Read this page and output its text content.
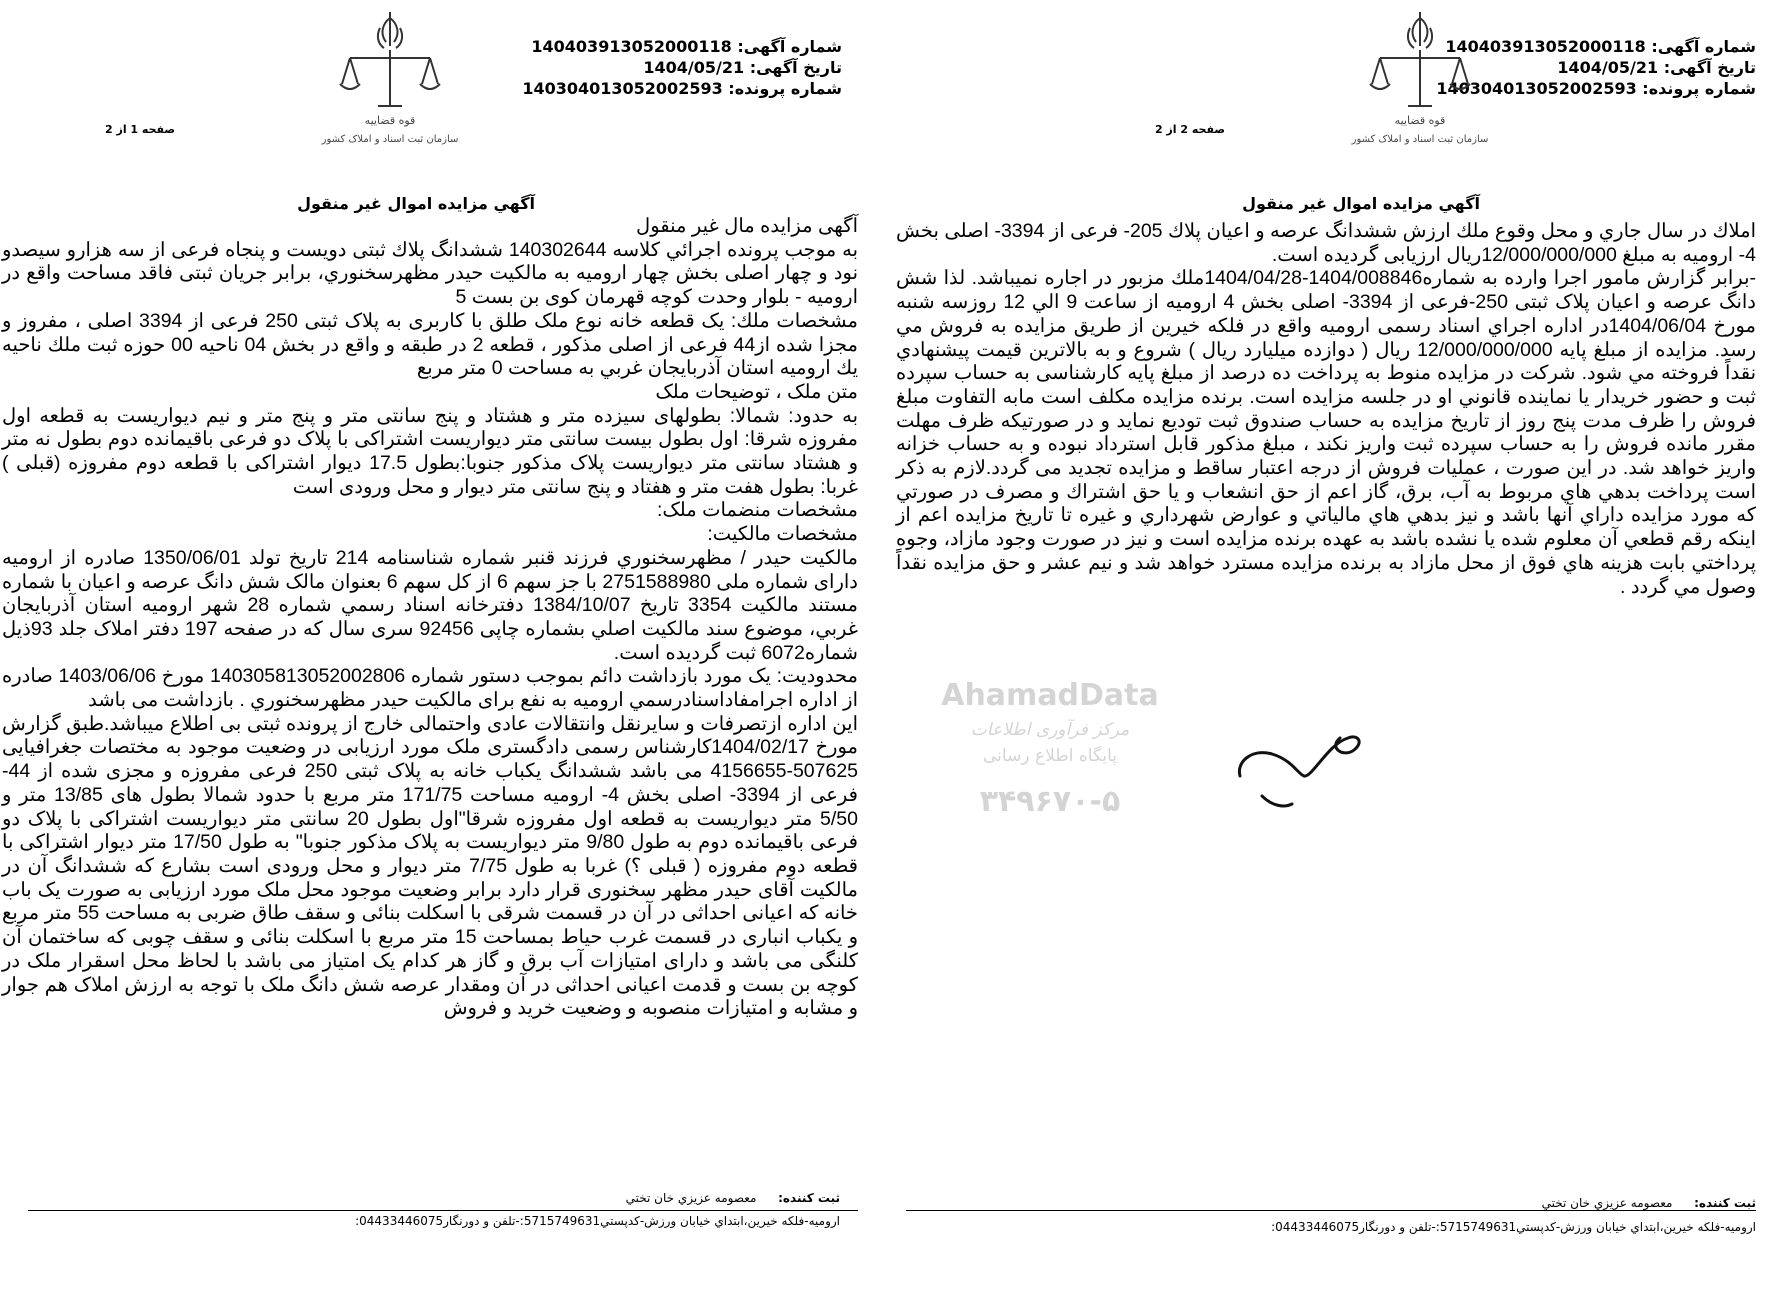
شماره آگهی: 140403913052000118
تاریخ آگهی: 1404/05/21
شماره پرونده: 140304013052002593
قوه قضاییه
سازمان ثبت اسناد و املاک کشور
صفحه 2 از 2
آگهي مزايده اموال غير منقول

املاك در سال جاري و محل وقوع ملك ارزش ششدانگ عرصه و اعيان پلاك 205- فرعی از 3394- اصلی بخش 4- اروميه به مبلغ 12/000/000/000ريال ارزيابی گرديده است.

-برابر گزارش مامور اجرا وارده به شماره1404/008846-1404/04/28ملك مزبور در اجاره نميباشد. لذا شش دانگ عرصه و اعيان پلاک ثبتی 250-فرعی از 3394- اصلی بخش 4 اروميه از ساعت 9 الي 12 روزسه شنبه مورخ 1404/06/04در اداره اجراي اسناد رسمی اروميه واقع در فلكه خيرين از طريق مزايده به فروش مي رسد. مزايده از مبلغ پايه 12/000/000/000 ريال ( دوازده ميليارد ريال ) شروع و به بالاترين قيمت پيشنهادي نقداً فروخته مي شود. شركت در مزايده منوط به پرداخت ده درصد از مبلغ پايه كارشناسی به حساب سپرده ثبت و حضور خريدار يا نماينده قانوني او در جلسه مزايده است. برنده مزايده مكلف است مابه التفاوت مبلغ فروش را ظرف مدت پنج روز از تاريخ مزايده به حساب صندوق ثبت توديع نمايد و در صورتيكه ظرف مهلت مقرر مانده فروش را به حساب سپرده ثبت واريز نكند ، مبلغ مذكور قابل استرداد نبوده و به حساب خزانه واريز خواهد شد. در اين صورت ، عمليات فروش از درجه اعتبار ساقط و مزايده تجديد مى گردد.لازم به ذكر است پرداخت بدهي هاي مربوط به آب، برق، گاز اعم از حق انشعاب و يا حق اشتراك و مصرف در صورتي كه مورد مزايده داراي آنها باشد و نيز بدهي هاي مالياتي و عوارض شهرداري و غيره تا تاريخ مزايده اعم از اينكه رقم قطعي آن معلوم شده يا نشده باشد به عهده برنده مزايده است و نيز در صورت وجود مازاد، وجوه پرداختي بابت هزينه هاي فوق از محل مازاد به برنده مزايده مسترد خواهد شد و نيم عشر و حق مزايده نقداً وصول مي گردد .

ثبت كننده:  معصومه عزيزي خان تختي
اروميه-فلكه خيرين،ابتداي خيابان ورزش-كدپستي5715749631:-تلفن و دورنگار04433446075:
شماره آگهی: 140403913052000118
تاریخ آگهی: 1404/05/21
شماره پرونده: 140304013052002593
قوه قضاییه
سازمان ثبت اسناد و املاک کشور
صفحه 1 از 2
آگهي مزايده اموال غير منقول

آگهی مزايده مال غير منقول

به موجب پرونده اجرائي كلاسه 140302644 ششدانگ پلاك ثبتی دويست و پنجاه فرعی از سه هزارو سيصدو نود و چهار اصلی بخش چهار اروميه به مالكيت حيدر مظهرسخنوري، برابر جريان ثبتی فاقد مساحت واقع در اروميه - بلوار وحدت كوچه قهرمان كوی بن بست 5

مشخصات ملك: يک قطعه خانه نوع ملک طلق با کاربری به پلاک ثبتی 250 فرعی از 3394 اصلی ، مفروز و مجزا شده از44 فرعی از اصلی مذكور ، قطعه 2 در طبقه و واقع در بخش 04 ناحيه 00 حوزه ثبت ملك ناحيه يك اروميه استان آذربايجان غربي به مساحت 0 متر مربع

متن ملک ، توضيحات ملک

به حدود: شمالا: بطولهای سيزده متر و هشتاد و پنج سانتی متر و پنج متر و نيم ديواريست به قطعه اول مفروزه شرقا: اول بطول بيست سانتی متر ديواريست اشتراکی با پلاک دو فرعی باقيمانده دوم بطول نه متر و هشتاد سانتی متر ديواريست پلاک مذکور جنوبا:بطول 17.5 ديوار اشتراکی با قطعه دوم مفروزه (قبلی ) غربا: بطول هفت متر و هفتاد و پنج سانتی متر ديوار و محل ورودی است

مشخصات منضمات ملک:

مشخصات مالكيت:

مالكيت حيدر / مظهرسخنوري فرزند قنبر شماره شناسنامه 214 تاريخ تولد 1350/06/01 صادره از اروميه دارای شماره ملی 2751588980 با جز سهم 6 از كل سهم 6 بعنوان مالک شش دانگ عرصه و اعيان با شماره مستند مالكيت 3354 تاريخ 1384/10/07 دفترخانه اسناد رسمي شماره 28 شهر اروميه استان آذربايجان غربي، موضوع سند مالكيت اصلي بشماره چاپی 92456 سری سال كه در صفحه 197 دفتر املاک جلد 93ذيل شماره6072 ثبت گرديده است.

محدوديت: يک مورد بازداشت دائم بموجب دستور شماره 140305813052002806 مورخ 1403/06/06 صادره از اداره اجرامفاداسنادرسمي اروميه به نفع برای مالكيت حيدر مظهرسخنوري . بازداشت می باشد

اين اداره ازتصرفات و سايرنقل وانتقالات عادى واحتمالى خارج از پرونده ثبتى بى اطلاع ميباشد.طبق گزارش مورخ 1404/02/17كارشناس رسمی دادگستری ملک مورد ارزيابی در وضعيت موجود به مختصات جغرافيايی 507625-4156655 می باشد ششدانگ يکباب خانه به پلاک ثبتی 250 فرعی مفروزه و مجزی شده از 44- فرعی از 3394- اصلی بخش 4- اروميه مساحت 171/75 متر مربع با حدود شمالا بطول های 13/85 متر و 5/50 متر ديواريست به قطعه اول مفروزه شرقا"اول بطول 20 سانتی متر ديواريست اشتراکی با پلاک دو فرعی باقيمانده دوم به طول 9/80 متر ديواريست به پلاک مذکور جنوبا" به طول 17/50 متر ديوار اشتراکی با قطعه دوم مفروزه ( قبلی ؟) غربا به طول 7/75 متر ديوار و محل ورودی است بشارع كه ششدانگ آن در مالكيت آقای حيدر مظهر سخنوری قرار دارد برابر وضعيت موجود محل ملک مورد ارزيابی به صورت يک باب خانه كه اعيانی احداثی در آن در قسمت شرقی با اسكلت بنائی و سقف طاق ضربی به مساحت 55 متر مربع و يكباب انباری در قسمت غرب حياط بمساحت 15 متر مربع با اسكلت بنائی و سقف چوبی كه ساختمان آن كلنگی می باشد و دارای امتيازات آب برق و گاز هر كدام يک امتياز می باشد با لحاظ محل اسقرار ملک در كوچه بن بست و قدمت اعيانی احداثی در آن ومقدار عرصه شش دانگ ملک با توجه به ارزش املاک هم جوار و مشابه و امتيازات منصوبه و وضعيت خريد و فروش

ثبت كننده:  معصومه عزيزي خان تختي
اروميه-فلكه خيرين،ابتداي خيابان ورزش-كدپستي5715749631:-تلفن و دورنگار04433446075:
AhamadData
مرکز فرآوری اطلاعات
پایگاه اطلاع رسانی
۳۴۹۶۷۰-۵
